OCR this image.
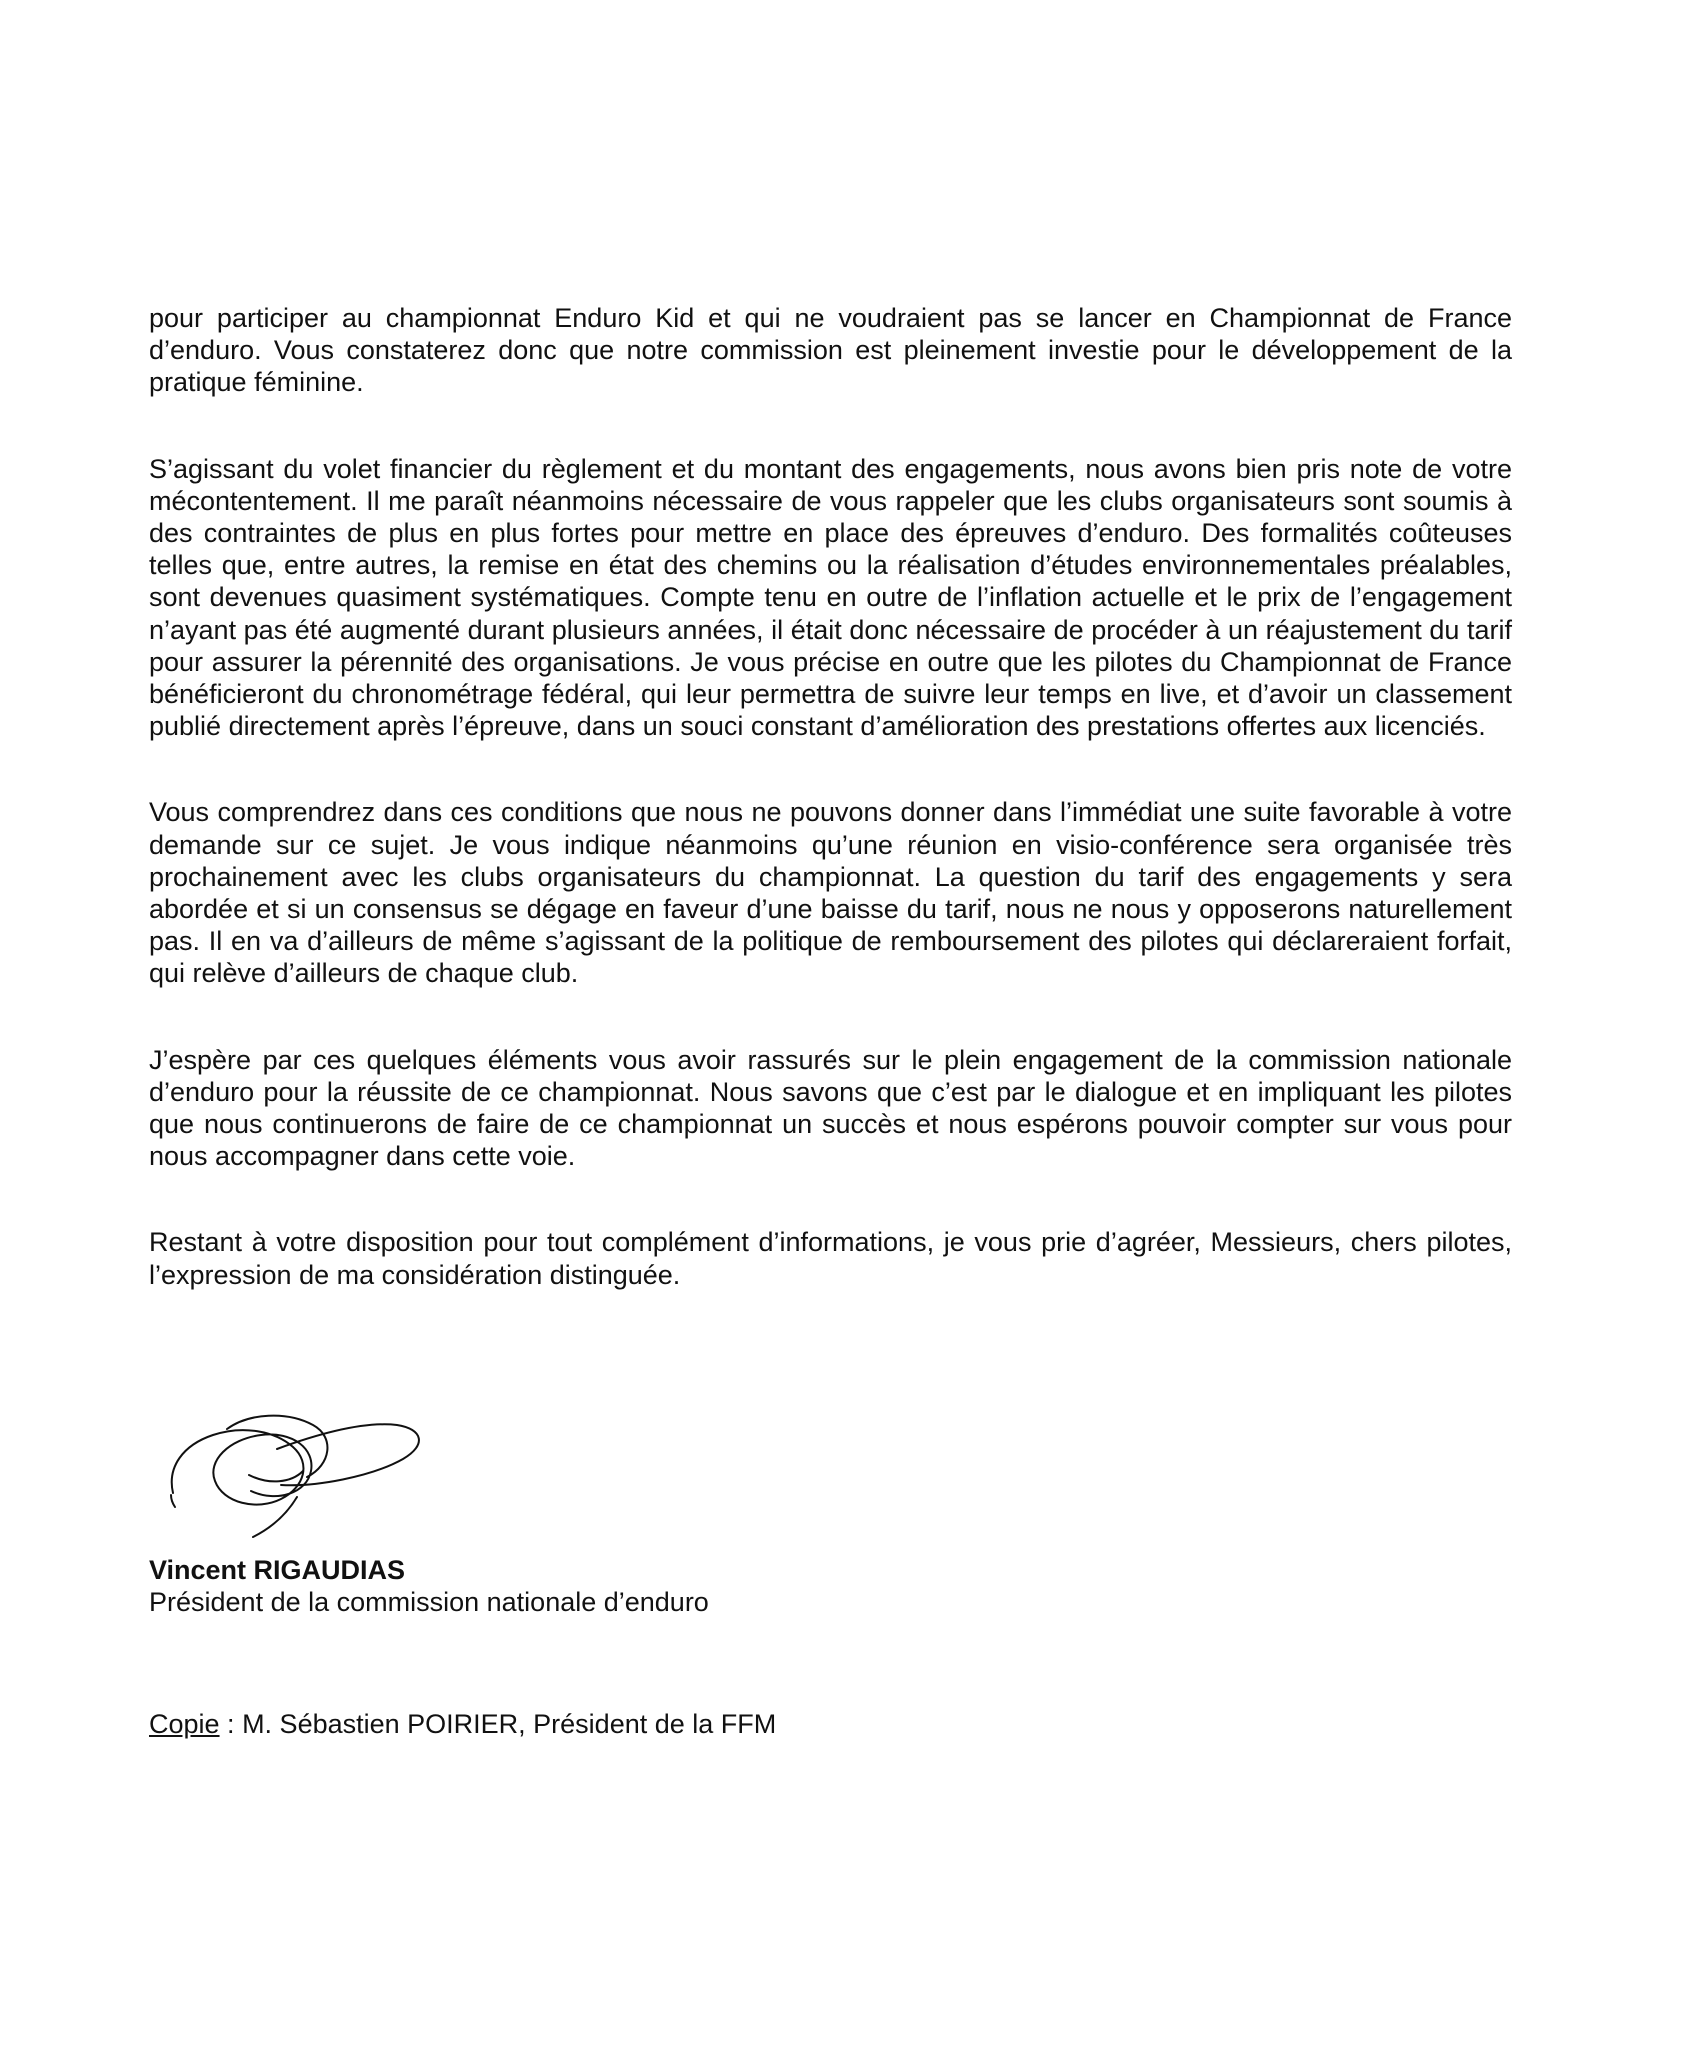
pour participer au championnat Enduro Kid et qui ne voudraient pas se lancer en Championnat de France d’enduro. Vous constaterez donc que notre commission est pleinement investie pour le développement de la pratique féminine.

S’agissant du volet financier du règlement et du montant des engagements, nous avons bien pris note de votre mécontentement. Il me paraît néanmoins nécessaire de vous rappeler que les clubs organisateurs sont soumis à des contraintes de plus en plus fortes pour mettre en place des épreuves d’enduro. Des formalités coûteuses telles que, entre autres, la remise en état des chemins ou la réalisation d’études environnementales préalables, sont devenues quasiment systématiques. Compte tenu en outre de l’inflation actuelle et le prix de l’engagement n’ayant pas été augmenté durant plusieurs années, il était donc nécessaire de procéder à un réajustement du tarif pour assurer la pérennité des organisations. Je vous précise en outre que les pilotes du Championnat de France bénéficieront du chronométrage fédéral, qui leur permettra de suivre leur temps en live, et d’avoir un classement publié directement après l’épreuve, dans un souci constant d’amélioration des prestations offertes aux licenciés.

Vous comprendrez dans ces conditions que nous ne pouvons donner dans l’immédiat une suite favorable à votre demande sur ce sujet. Je vous indique néanmoins qu’une réunion en visio-conférence sera organisée très prochainement avec les clubs organisateurs du championnat. La question du tarif des engagements y sera abordée et si un consensus se dégage en faveur d’une baisse du tarif, nous ne nous y opposerons naturellement pas. Il en va d’ailleurs de même s’agissant de la politique de remboursement des pilotes qui déclareraient forfait, qui relève d’ailleurs de chaque club.

J’espère par ces quelques éléments vous avoir rassurés sur le plein engagement de la commission nationale d’enduro pour la réussite de ce championnat. Nous savons que c’est par le dialogue et en impliquant les pilotes que nous continuerons de faire de ce championnat un succès et nous espérons pouvoir compter sur vous pour nous accompagner dans cette voie.

Restant à votre disposition pour tout complément d’informations, je vous prie d’agréer, Messieurs, chers pilotes, l’expression de ma considération distinguée.

Vincent RIGAUDIAS
Président de la commission nationale d’enduro
Copie : M. Sébastien POIRIER, Président de la FFM
